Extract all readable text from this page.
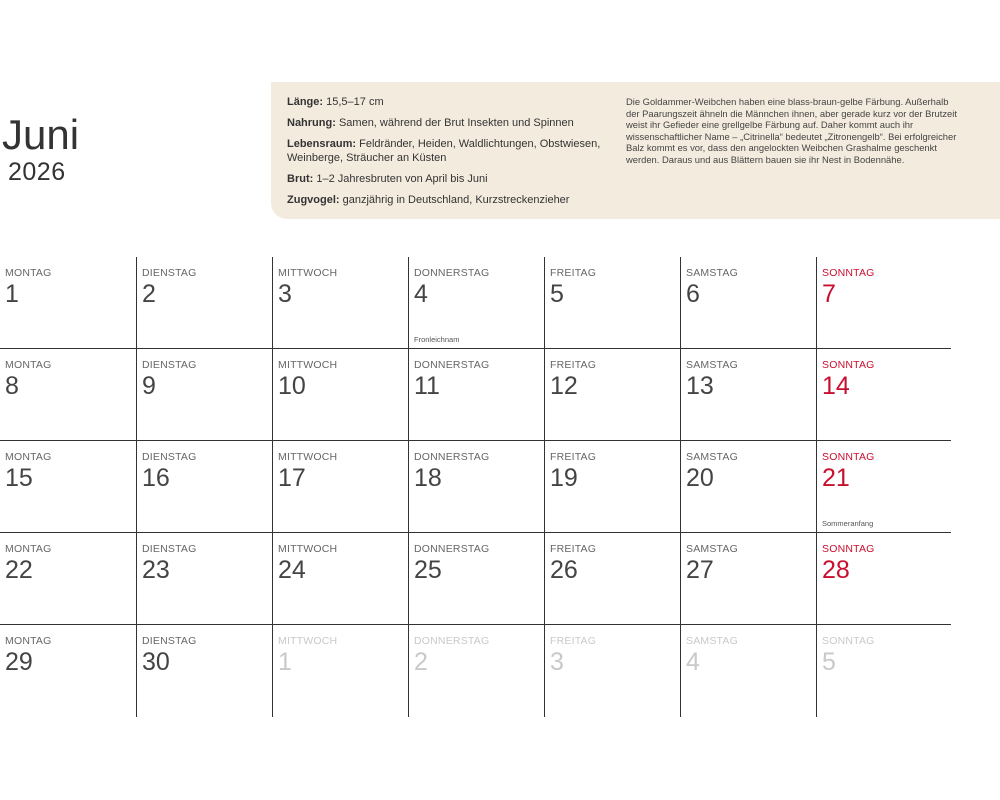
Juni
2026

Länge: 15,5–17 cm

Nahrung: Samen, während der Brut Insekten und Spinnen

Lebensraum: Feldränder, Heiden, Waldlichtungen, Obstwiesen, Weinberge, Sträucher an Küsten

Brut: 1–2 Jahresbruten von April bis Juni

Zugvogel: ganzjährig in Deutschland, Kurzstreckenzieher

Die Goldammer-Weibchen haben eine blass-braun-gelbe Färbung. Außerhalb der Paarungszeit ähneln die Männchen ihnen, aber gerade kurz vor der Brutzeit weist ihr Gefieder eine grellgelbe Färbung auf. Daher kommt auch ihr wissenschaftlicher Name – „Citrinella“ bedeutet „Zitronengelb“. Bei erfolgreicher Balz kommt es vor, dass den angelockten Weibchen Grashalme geschenkt werden. Daraus und aus Blättern bauen sie ihr Nest in Bodennähe.
MONTAG
1
DIENSTAG
2
MITTWOCH
3
DONNERSTAG
4
Fronleichnam
FREITAG
5
SAMSTAG
6
SONNTAG
7
MONTAG
8
DIENSTAG
9
MITTWOCH
10
DONNERSTAG
11
FREITAG
12
SAMSTAG
13
SONNTAG
14
MONTAG
15
DIENSTAG
16
MITTWOCH
17
DONNERSTAG
18
FREITAG
19
SAMSTAG
20
SONNTAG
21
Sommeranfang
MONTAG
22
DIENSTAG
23
MITTWOCH
24
DONNERSTAG
25
FREITAG
26
SAMSTAG
27
SONNTAG
28
MONTAG
29
DIENSTAG
30
MITTWOCH
1
DONNERSTAG
2
FREITAG
3
SAMSTAG
4
SONNTAG
5
